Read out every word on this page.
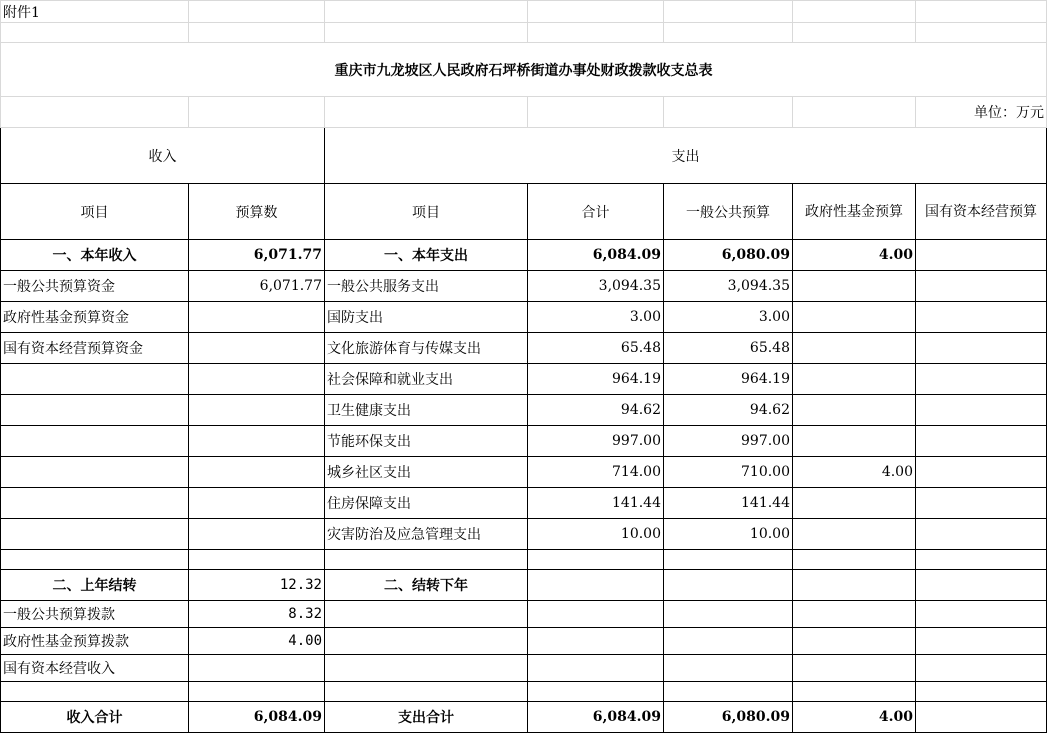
附件1						

重庆市九龙坡区人民政府石坪桥街道办事处财政拨款收支总表						
						单位：万元
收入		支出				
项目	预算数	项目	合计	一般公共预算	政府性基金预算	国有资本经营预算
一、本年收入	6,071.77	一、本年支出	6,084.09	6,080.09	4.00	
一般公共预算资金	6,071.77	一般公共服务支出	3,094.35	3,094.35		
政府性基金预算资金		国防支出	3.00	3.00		
国有资本经营预算资金		文化旅游体育与传媒支出	65.48	65.48		
		社会保障和就业支出	964.19	964.19		
		卫生健康支出	94.62	94.62		
		节能环保支出	997.00	997.00		
		城乡社区支出	714.00	710.00	4.00	
		住房保障支出	141.44	141.44		
		灾害防治及应急管理支出	10.00	10.00		

二、上年结转	12.32	二、结转下年				
一般公共预算拨款	8.32					
政府性基金预算拨款	4.00					
国有资本经营收入						

收入合计	6,084.09	支出合计	6,084.09	6,080.09	4.00	
